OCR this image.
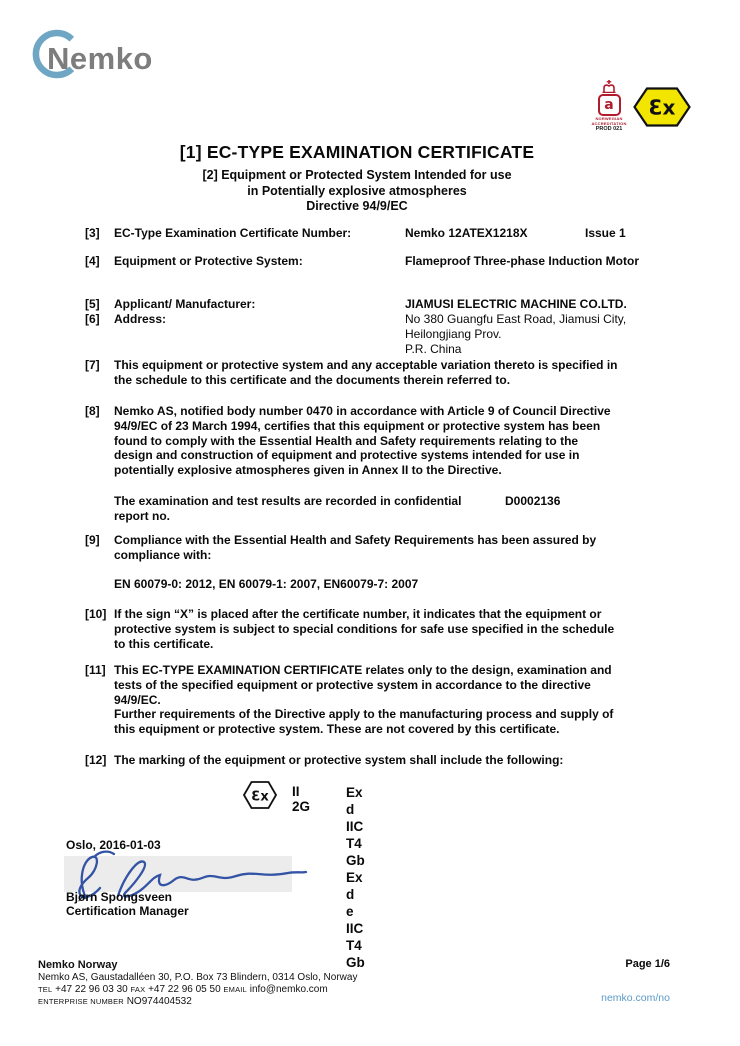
Nemko
a
NORWEGIAN
ACCREDITATION
PROD 021
Ɛx
[1] EC-TYPE EXAMINATION CERTIFICATE
[2] Equipment or Protected System Intended for use
in Potentially explosive atmospheres
Directive 94/9/EC
[3]	EC-Type Examination Certificate Number:	Nemko 12ATEX1218X	Issue 1
[4]	Equipment or Protective System:	Flameproof Three-phase Induction Motor
[5]	Applicant/ Manufacturer:	JIAMUSI ELECTRIC MACHINE CO.LTD.
[6]	Address:	No 380 Guangfu East Road, Jiamusi City,
Heilongjiang Prov.
P.R. China
[7]	This equipment or protective system and any acceptable variation thereto is specified in
the schedule to this certificate and the documents therein referred to.
[8]	Nemko AS, notified body number 0470 in accordance with Article 9 of Council Directive
94/9/EC of 23 March 1994, certifies that this equipment or protective system has been
found to comply with the Essential Health and Safety requirements relating to the
design and construction of equipment and protective systems intended for use in
potentially explosive atmospheres given in Annex II to the Directive.
The examination and test results are recorded in confidential
report no.
D0002136
[9]	Compliance with the Essential Health and Safety Requirements has been assured by
compliance with:
EN 60079-0: 2012, EN 60079-1: 2007, EN60079-7: 2007
[10] If the sign “X” is placed after the certificate number, it indicates that the equipment or
protective system is subject to special conditions for safe use specified in the schedule
to this certificate.
[11] This EC-TYPE EXAMINATION CERTIFICATE relates only to the design, examination and
tests of the specified equipment or protective system in accordance to the directive
94/9/EC.
Further requirements of the Directive apply to the manufacturing process and supply of
this equipment or protective system. These are not covered by this certificate.
[12] The marking of the equipment or protective system shall include the following:
Ɛx II 2G
Ex d IIC T4 Gb
Ex d e IIC T4 Gb
Oslo, 2016-01-03
Bjørn Spongsveen
Certification Manager
Nemko Norway
Nemko AS, Gaustadalléen 30, P.O. Box 73 Blindern, 0314 Oslo, Norway
TEL +47 22 96 03 30 FAX +47 22 96 05 50 EMAIL info@nemko.com
ENTERPRISE NUMBER NO974404532
Page 1/6
nemko.com/no
